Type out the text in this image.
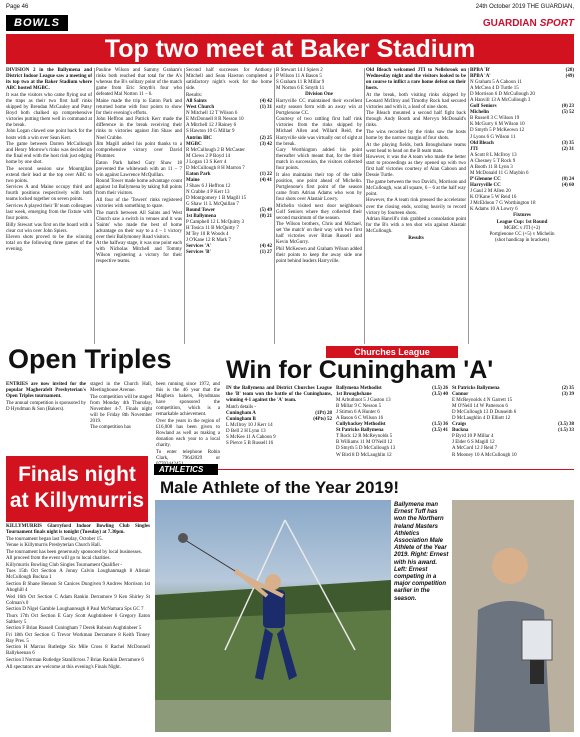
Page 46	24th October 2019 THE GUARDIAN,
BOWLS	GUARDIAN SPORT
Top two meet at Baker Stadium

DIVISION 2 in the Ballymena and District Indoor League saw a meeting of its top two at the Baker Stadium where ABC hosted MGBC.

It was the visitors who came flying out of the traps as their two first half rinks skipped by Brendan McCauley and Patsy Boyd both chalked up comprehensive victories putting them well in command at the break.

John Logan clawed one point back for the hosts with a win over Sean Kerr.

The game between Darren McCullough and Henry Morrow's rinks was decided on the final end with the host rink just edging home by one shot.

The second session saw Mountgilan extend their lead at the top over ABC to two points.

Services A and Maine occupy third and fourth positions respectively with both teams locked together on seven points.

Services A played their 'B' team colleagues last week, emerging from the fixture with four points.

Billy Stewart was first on the board with a clear cut win over John Spiers.

Eleven shots proved to be the winning total on the following three games of the evening.

Pauline Wilson and Sammy Graham's rinks both reached that total for the A's whereas the B's solitary point of the match game from Eric Smyth's four who defeated Mal Norton 11 – 6.

Maine made the trip to Eaton Park and returned home with four points to show for their evening's efforts.

John Heffron and Patrick Kerr made the difference in the break receiving their rinks to victories against Jim Shaw and Noel Crabbe.

Jim Magill added his point thanks to a comprehensive victory over David Plummer.

Eaton Park halted Gary Shaw 18 prevented the whitewash with an 11 – 7 win against Lawrence McQuillan.

Round Tower made home advantage count against 1st Ballymena by taking full points from their visitors.

All four of the 'Towers' rinks registered victories with something to spare.

The match between All Saints and West Church saw a switch in venues and it was 'Saints' who made the best of home advantage on their way to a 4 – 1 victory over their Ballymoney Road visitors.

At the halfway stage, it was one point each with Nicholas Mitchell and Tommy Wilson registering a victory for their respective teams.

Second half successes for Anthony Mitchell and Sean Hawton completed a satisfactory night's work for the home side.

Results:

All Saints	(4) 42
West Church	(1) 31
N Mitchell 12 T Wilson 6
E McDonnell 8 R Nesson 10
A Mitchell 12 J Rainey 6
S Hawton 10 G Millar 9
Antrim IBC	(2) 25
MGBC	(3) 42
R McCullough 2 B McCaster
M Clews 2 P Boyd 14
J Logan 13 S Kerr 4
D McCullough 8 H Marron 7
Eaton Park	(1) 22
Maine	(4) 41
J Shaw 6 J Heffron 12
N Crabbe 4 P Kerr 13
D Montgomery 1 B Magill 15
G Shaw 11 L McQuillan 7
Round Tower	(5) 49
1st Ballymena	(0) 21
P Campbell 12 L McQuitty 3
H Tosica 11 B McQuitty 7
M Tey 10 R Woods 4
J O'Kane 12 R Mark 7
Services 'A'	(4) 42
Services 'B'	(1) 27
B Stewart 14 J Spiers 2
P Wilson 11 A Bason 5
S Graham 11 R Millar 9
M Norton 6 E Smyth 11

Division One

Harryville CC maintained their excellent early season form with an away win at Portglenone CC.

Courtesy of two rattling first half rink victories from the rinks skipped by Michael Allen and Willard Reid, the Harryville side was virtually out of sight at the break.

Gary Worthington added his point thereafter which meant that, for the third match in succession, the visitors collected four points.

It also maintains their top of the table position, one point ahead of Michelin. Portglenone's first point of the season came from Adrian Adams who won by four shots over Alastair Lowry.

Michelin visited next door neighbours Golf Seniors where they collected their second maximum of the season.

The Wilson brothers, Chris and Michael, set 'the match' on their way with two first half victories over Brian Russell and Kevin McGurry.

Phil McKeown and Graham Wilson added their points to keep the away side one point behind leaders Harryville.

Old Bleach welcomed JTI to Nellsbrook on Wednesday night and the visitors looked to be on course to inflict a rare home defeat on their hosts.

At the break, both visiting rinks skipped by Leonard McIlroy and Timothy Rock had secured victories and with it, a lead of nine shots.

The Bleach mounted a second half fight back through Andy Booth and Mervyn McDonald's rinks.

The wins recorded by the rinks saw the hosts home by the narrow margin of four shots.

At the playing fields, both Broughshane teams went head to head on the B team mats.

However, it was the A team who made the better start to proceedings as they opened up with two first half victories courtesy of Alan Cahoon and Dessie Turtle.

The game between the two David's, Morrison and McCullough, was all square, 6 – 6 at the half way point.

However, the A team rink pressed the accelerator over the closing ends, scoring heavily to record victory by fourteen shots.

Adrian Hanvill's rink grabbed a consolation point for the B's with a ten shot win against Alastair McCullough.

Results

BPBA 'B'	(28)
BPBA 'A'	(49)
N Graham 5 A Cahoon 11
A McCrea 4 D Turtle 15
D Morrison 6 D McCullough 20
A Hanvill 13 A McCullough 3
Golf Seniors	(0) 23
Michelin	(5) 52
B Russell 3 C Wilson 19
K McGurry 6 M Wilson 10
D Smyth 5 P McKeown 12
J Lyons 6 G Wilson 11
Old Bleach	(3) 35
JTI	(2) 31
A Scott 8 L McIlroy 13
A Chesney 5 T Rock 9
A Booth 11 B Lynn 3
M McDonald 11 G Maybin 6
P'Glenone CC	(0) 24
Harryville CC	(4) 60
J Gaul 2 M Allen 20
K O'Kane 5 W Reid 16
J McEldoon 7 G Worthington 18
K Adams 10 A Lowry 6

Fixtures

League Cup: 1st Round

MGBC v JTI (+2)
Portglenone CC (+5) v Michelin
(shot handicap in brackets)
Open Triples

ENTRIES are now invited for the popular Magherafelt Presbyterian's Open Triples tournament.

The annual competition is sponsored by D Hyndman & Son (Bakers).

staged in the Church Hall, Meetinghouse Avenue.

The competition will be staged from Monday 4th Thursday, November 4-7. Finals night will be Friday 8th November 2019.

The competition has

been running since 1972, and this is the 46 year that the Maghera bakers, Hyndmans have sponsored the competition, which is a remarkable achievement.

Over the years in the region of £16,000 has been given to Rowland as well as making a donation each year to a local charity.

To enter telephone Robin Clark, 79642029 or

Churches League
Win for Cuningham 'A'

IN the Ballymena and District Churches League the 'B' team won the battle of the Cuninghams, winning 4-1 against the 'A' team.

Match details -

Cuningham A	(1Pt) 28
Cuningham B	(4Pts) 52
L McIlroy 10 J Kerr 14
D Bell 2 H Lynn 13
S McKee 11 A Cahoon 9
S Pierce 5 B Russell 16
Ballymena Methodist	(1.5) 26
1st Broughshane	(3.5) 40
M Arbuthnot 5 J Gaston 13
B Millar 9 C Nesson 5
J Stirton 6 A Hunter 6
A Bason 6 C Wilson 16
Cullybackey Methodist	(1.5) 36
St Patricks Ballymena	(3.5) 41
T Rock 12 R McReynolds 5
B Williams 11 M O'Neill 12
D Smyth 5 D McCullough 13
W Bird 8 D McLaughlin 12
St Patricks Ballymena	(2) 35
Connor	(3) 39
E McReynolds 4 N Garrett 15
M O'Neill 14 W Patterson 6
D McCullough 13 D Dunseith 6
D McLaughlin 4 D Elliott 12
Craigs	(3.5) 38
Buckna	(1.5) 33
P Byrd 10 P Millar 4
J Elder 6 S Magill 12
A McCord 12 J Reid 7
R Mooney 10 A McCullough 10
Finals night at Killymurris

KILLYMURRIS Glarryford Indoor Bowling Club Singles Tournament finals night is tonight (Tuesday) at 7.30pm.

The tournament began last Tuesday, October 15.

Venue is Killymurris Presbyterian Church Hall.

The tournament has been generously sponsored by local businesses.

All proceed from the event will go to local charities.

Killymurris Bowling Club Singles Tournament Qualifier -

Tues 15th Oct Section A Jonny Calvin Loughanmagh 8 Alistair McCullough Buckna 1

Section B Shane Henson St Canices Dungiven 9 Andrew Morrison 1st Ahoghill 4

Wed 16th Oct Section C Adam Rankin Derramore 9 Ken Shirley St Colman's 0

Section D Nigel Gamble Loughanreagh 8 Paul McNamara Sps GC 7

Thurs 17th Oct Section E Gary Scott Aughtinbeer 6 Gregory Eaton Saltkery 5

Section F Brian Russell Cuningham 7 Derek Robson Aughtinbeer 5

Fri 18th Oct Section G Trevor Workman Derramore 8 Keith Tinney Ray Pres. 5

Section H Marcus Rutledge Six Mile Cross 8 Rachel McDonnell Ballykeenan 6

Section I Norman Rutledge Stanillcross 7 Brian Rankin Derramore 6

All spectators are welcome at this evening's Finals Night.

ATHLETICS
Male Athlete of the Year 2019!
Ballymena man Ernest Tuff has won the Northern Ireland Masters Athletics Association Male Athlete of the Year 2019. Right: Ernest with his award. Left: Ernest competing in a major competition earlier in the season.
